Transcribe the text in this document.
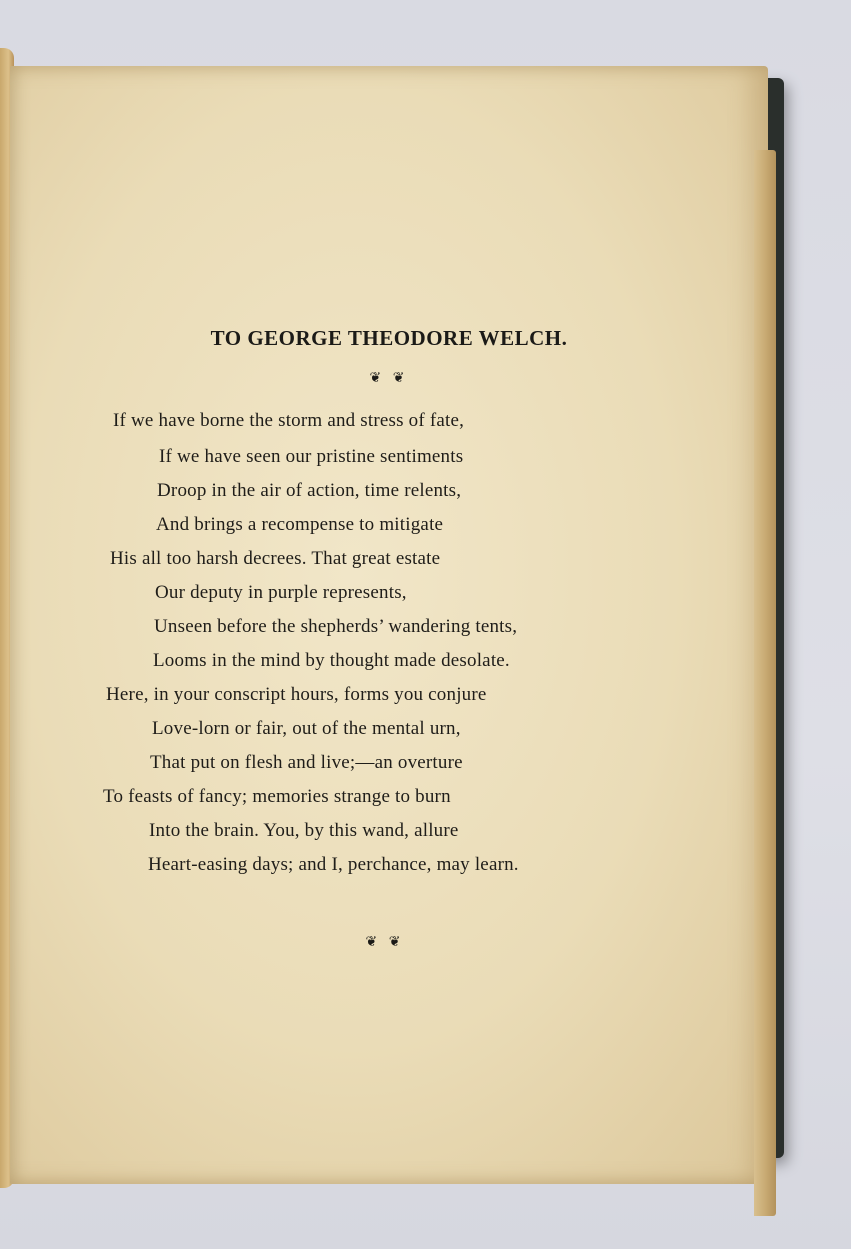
TO GEORGE THEODORE WELCH.
❦ ❦
If we have borne the storm and stress of fate,
If we have seen our pristine sentiments
Droop in the air of action, time relents,
And brings a recompense to mitigate
His all too harsh decrees. That great estate
Our deputy in purple represents,
Unseen before the shepherds’ wandering tents,
Looms in the mind by thought made desolate.
Here, in your conscript hours, forms you conjure
Love-lorn or fair, out of the mental urn,
That put on flesh and live;—an overture
To feasts of fancy; memories strange to burn
Into the brain. You, by this wand, allure
Heart-easing days; and I, perchance, may learn.
❦ ❦
